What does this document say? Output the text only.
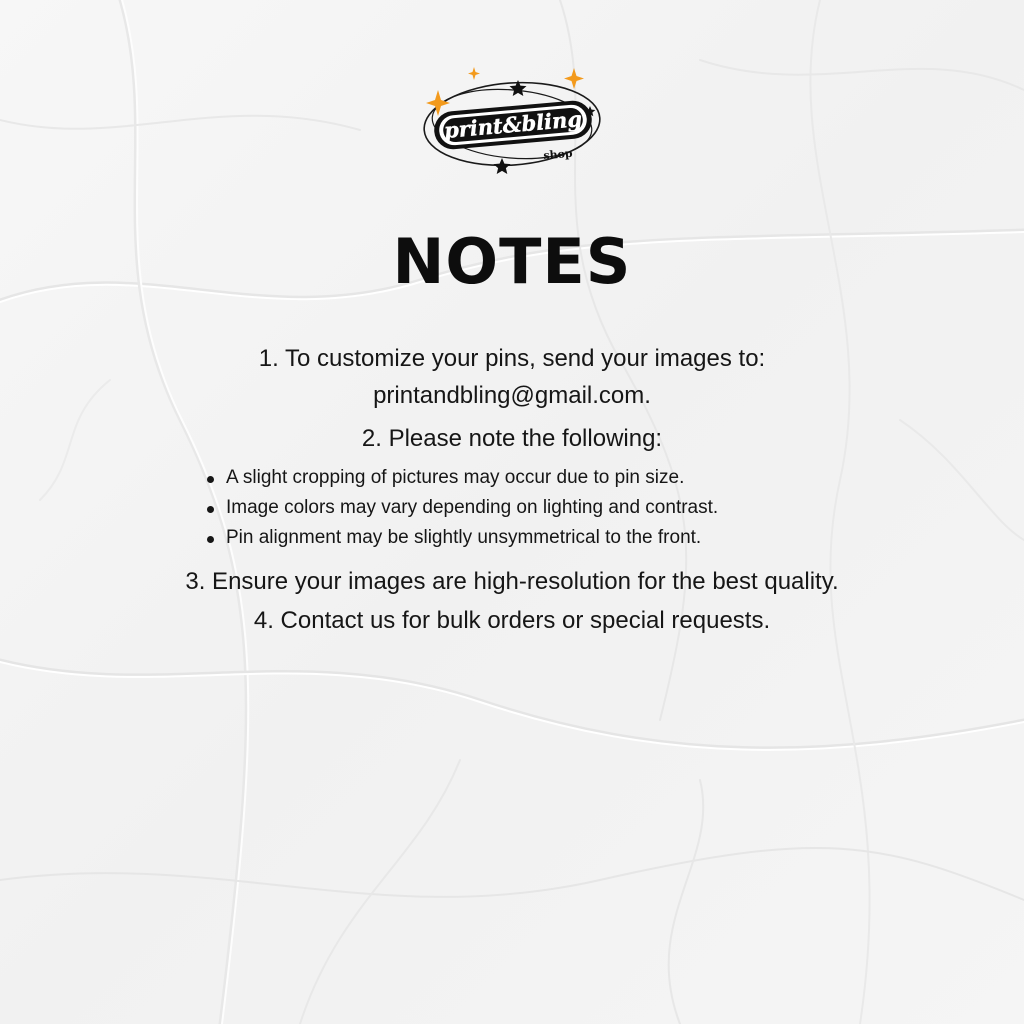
print&bling
shop
NOTES

1. To customize your pins, send your images to: printandbling@gmail.com.

2. Please note the following:

A slight cropping of pictures may occur due to pin size.
Image colors may vary depending on lighting and contrast.
Pin alignment may be slightly unsymmetrical to the front.

3. Ensure your images are high-resolution for the best quality.

4. Contact us for bulk orders or special requests.
